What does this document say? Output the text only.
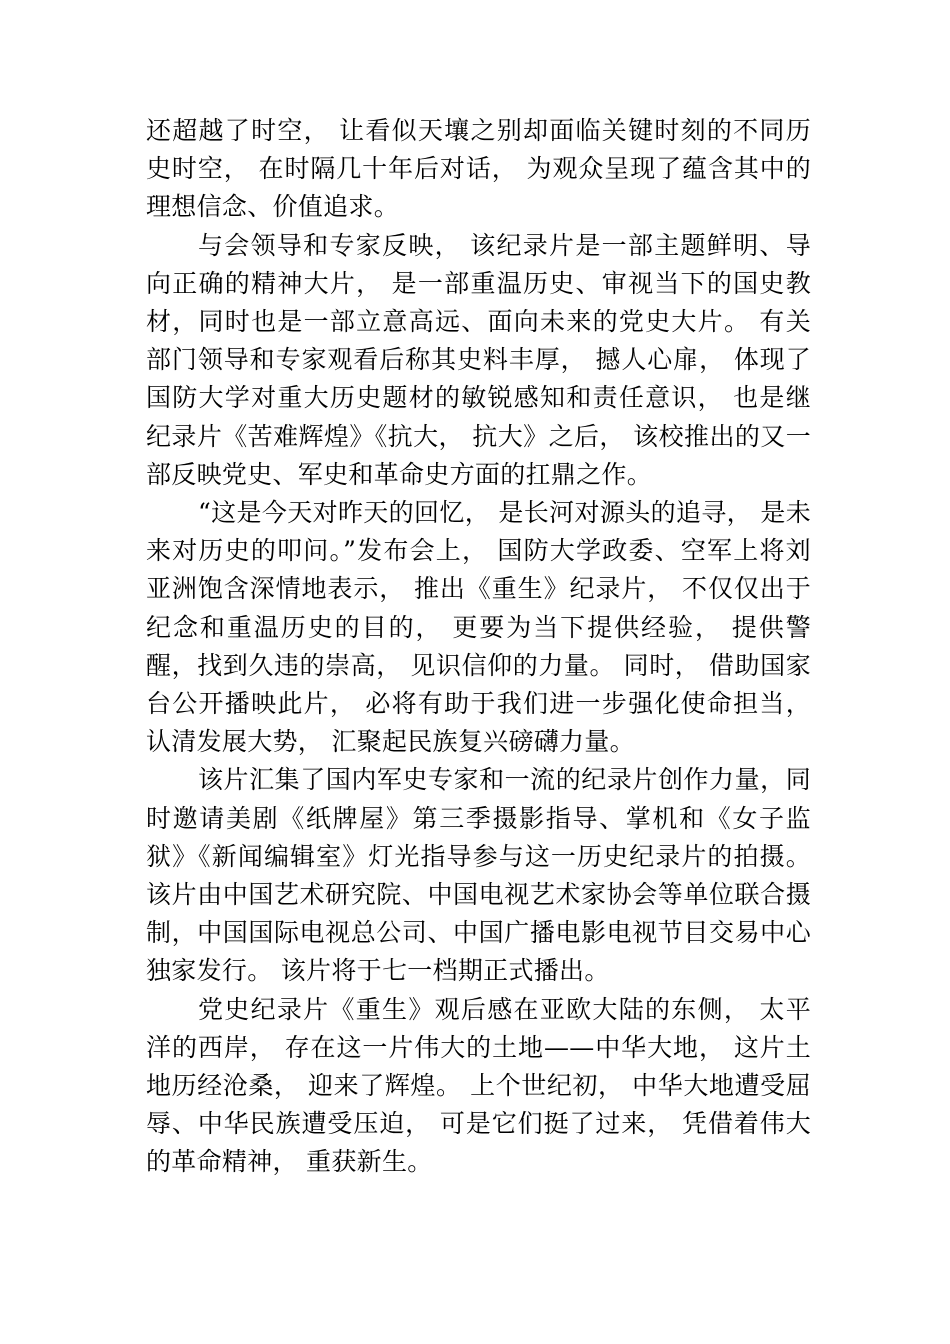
还超越了时空， 让看似天壤之别却面临关键时刻的不同历史时空， 在时隔几十年后对话， 为观众呈现了蕴含其中的理想信念、价值追求。

与会领导和专家反映， 该纪录片是一部主题鲜明、导向正确的精神大片， 是一部重温历史、审视当下的国史教材，同时也是一部立意高远、面向未来的党史大片。 有关部门领导和专家观看后称其史料丰厚， 撼人心扉， 体现了国防大学对重大历史题材的敏锐感知和责任意识， 也是继纪录片《苦难辉煌》《抗大， 抗大》之后， 该校推出的又一部反映党史、军史和革命史方面的扛鼎之作。

“这是今天对昨天的回忆， 是长河对源头的追寻， 是未来对历史的叩问。”发布会上， 国防大学政委、空军上将刘亚洲饱含深情地表示， 推出《重生》纪录片， 不仅仅出于纪念和重温历史的目的， 更要为当下提供经验， 提供警醒，找到久违的崇高， 见识信仰的力量。 同时， 借助国家台公开播映此片， 必将有助于我们进一步强化使命担当， 认清发展大势， 汇聚起民族复兴磅礴力量。

该片汇集了国内军史专家和一流的纪录片创作力量，同时邀请美剧《纸牌屋》第三季摄影指导、掌机和《女子监狱》《新闻编辑室》灯光指导参与这一历史纪录片的拍摄。 该片由中国艺术研究院、中国电视艺术家协会等单位联合摄制，中国国际电视总公司、中国广播电影电视节目交易中心独家发行。 该片将于七一档期正式播出。

党史纪录片《重生》观后感在亚欧大陆的东侧， 太平洋的西岸， 存在这一片伟大的土地——中华大地， 这片土地历经沧桑， 迎来了辉煌。 上个世纪初， 中华大地遭受屈辱、中华民族遭受压迫， 可是它们挺了过来， 凭借着伟大的革命精神， 重获新生。
